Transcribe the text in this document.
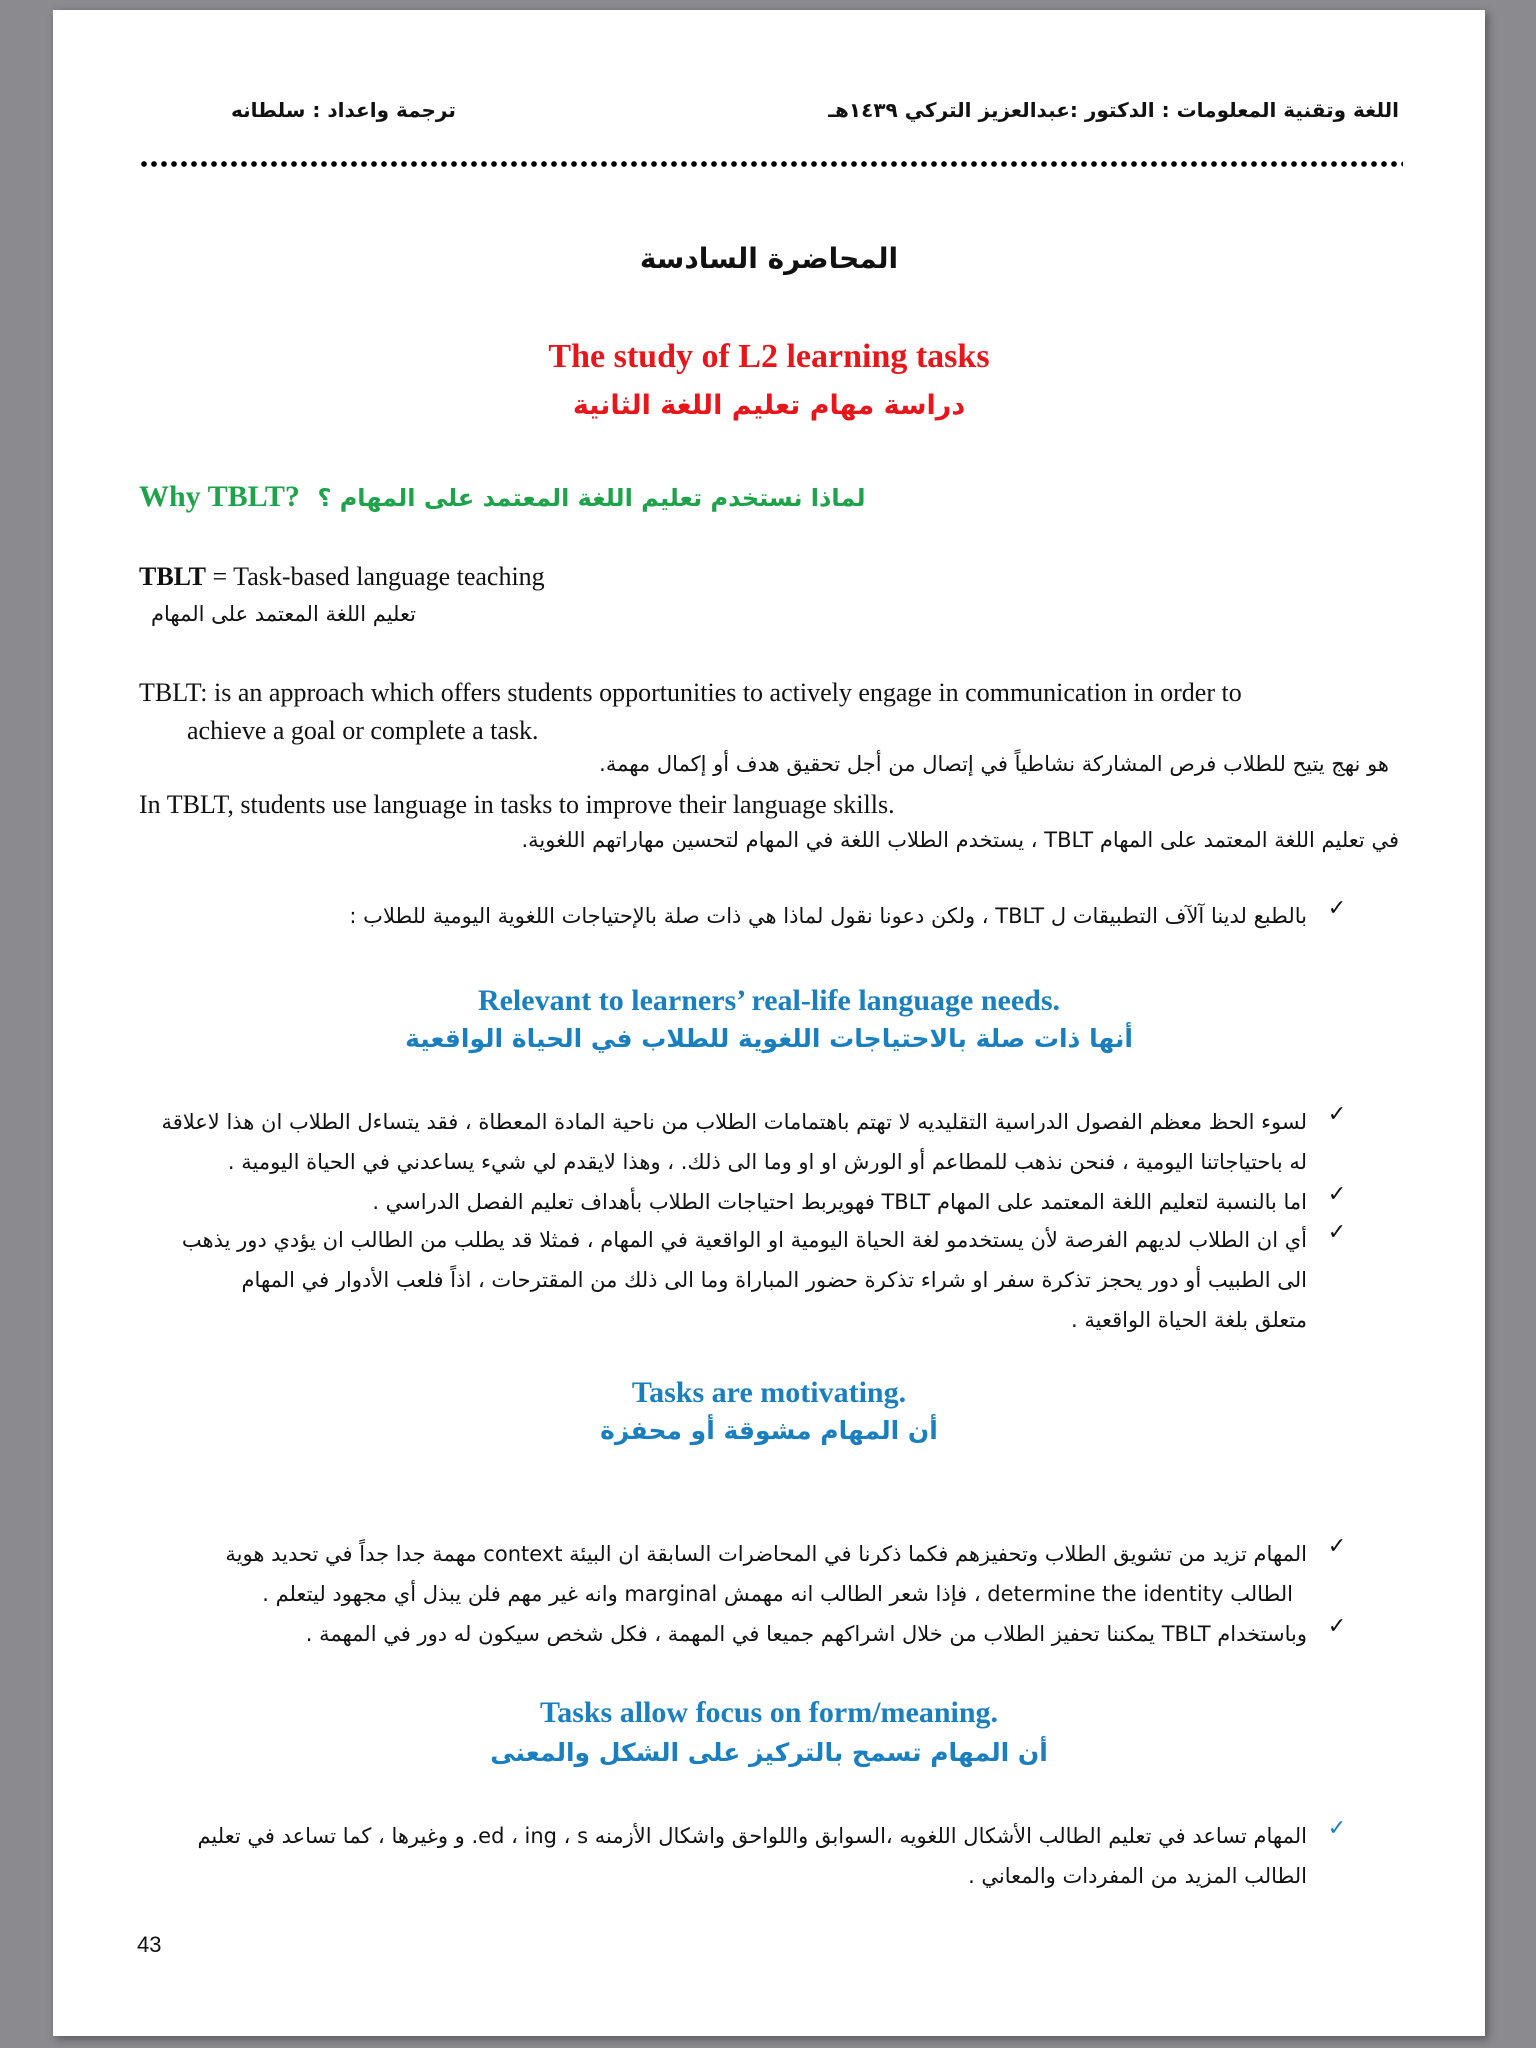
اللغة وتقنية المعلومات : الدكتور :عبدالعزيز التركي ١٤٣٩هـ
ترجمة واعداد : سلطانه
المحاضرة السادسة
The study of L2 learning tasks
دراسة مهام تعليم اللغة الثانية
Why TBLT? لماذا نستخدم تعليم اللغة المعتمد على المهام ؟
TBLT = Task-based language teaching
تعليم اللغة المعتمد على المهام
TBLT: is an approach which offers students opportunities to actively engage in communication in order to
achieve a goal or complete a task.
هو نهج يتيح للطلاب فرص المشاركة نشاطياً في إتصال من أجل تحقيق هدف أو إكمال مهمة.
In TBLT, students use language in tasks to improve their language skills.
في تعليم اللغة المعتمد على المهام TBLT ، يستخدم الطلاب اللغة في المهام لتحسين مهاراتهم اللغوية.
✓
بالطبع لدينا آلآف التطبيقات ل TBLT ، ولكن دعونا نقول لماذا هي ذات صلة بالإحتياجات اللغوية اليومية للطلاب :
Relevant to learners’ real-life language needs.
أنها ذات صلة بالاحتياجات اللغوية للطلاب في الحياة الواقعية
✓
لسوء الحظ معظم الفصول الدراسية التقليديه لا تهتم باهتمامات الطلاب من ناحية المادة المعطاة ، فقد يتساءل الطلاب ان هذا لاعلاقة
له باحتياجاتنا اليومية ، فنحن نذهب للمطاعم أو الورش او او وما الى ذلك. ، وهذا لايقدم لي شيء يساعدني في الحياة اليومية .
✓
اما بالنسبة لتعليم اللغة المعتمد على المهام TBLT فهويربط احتياجات الطلاب بأهداف تعليم الفصل الدراسي .
✓
أي ان الطلاب لديهم الفرصة لأن يستخدمو لغة الحياة اليومية او الواقعية في المهام ، فمثلا قد يطلب من الطالب ان يؤدي دور يذهب
الى الطبيب أو دور يحجز تذكرة سفر او شراء تذكرة حضور المباراة وما الى ذلك من المقترحات ، اذاً فلعب الأدوار في المهام
متعلق بلغة الحياة الواقعية .
Tasks are motivating.
أن المهام مشوقة أو محفزة
✓
المهام تزيد من تشويق الطلاب وتحفيزهم فكما ذكرنا في المحاضرات السابقة ان البيئة context مهمة جدا جداً في تحديد هوية
الطالب determine the identity ، فإذا شعر الطالب انه مهمش marginal وانه غير مهم فلن يبذل أي مجهود ليتعلم .
✓
وباستخدام TBLT يمكننا تحفيز الطلاب من خلال اشراكهم جميعا في المهمة ، فكل شخص سيكون له دور في المهمة .
Tasks allow focus on form/meaning.
أن المهام تسمح بالتركيز على الشكل والمعنى
✓
المهام تساعد في تعليم الطالب الأشكال اللغويه ،السوابق واللواحق واشكال الأزمنه ed ، ing ، s. و وغيرها ، كما تساعد في تعليم
الطالب المزيد من المفردات والمعاني .
43
